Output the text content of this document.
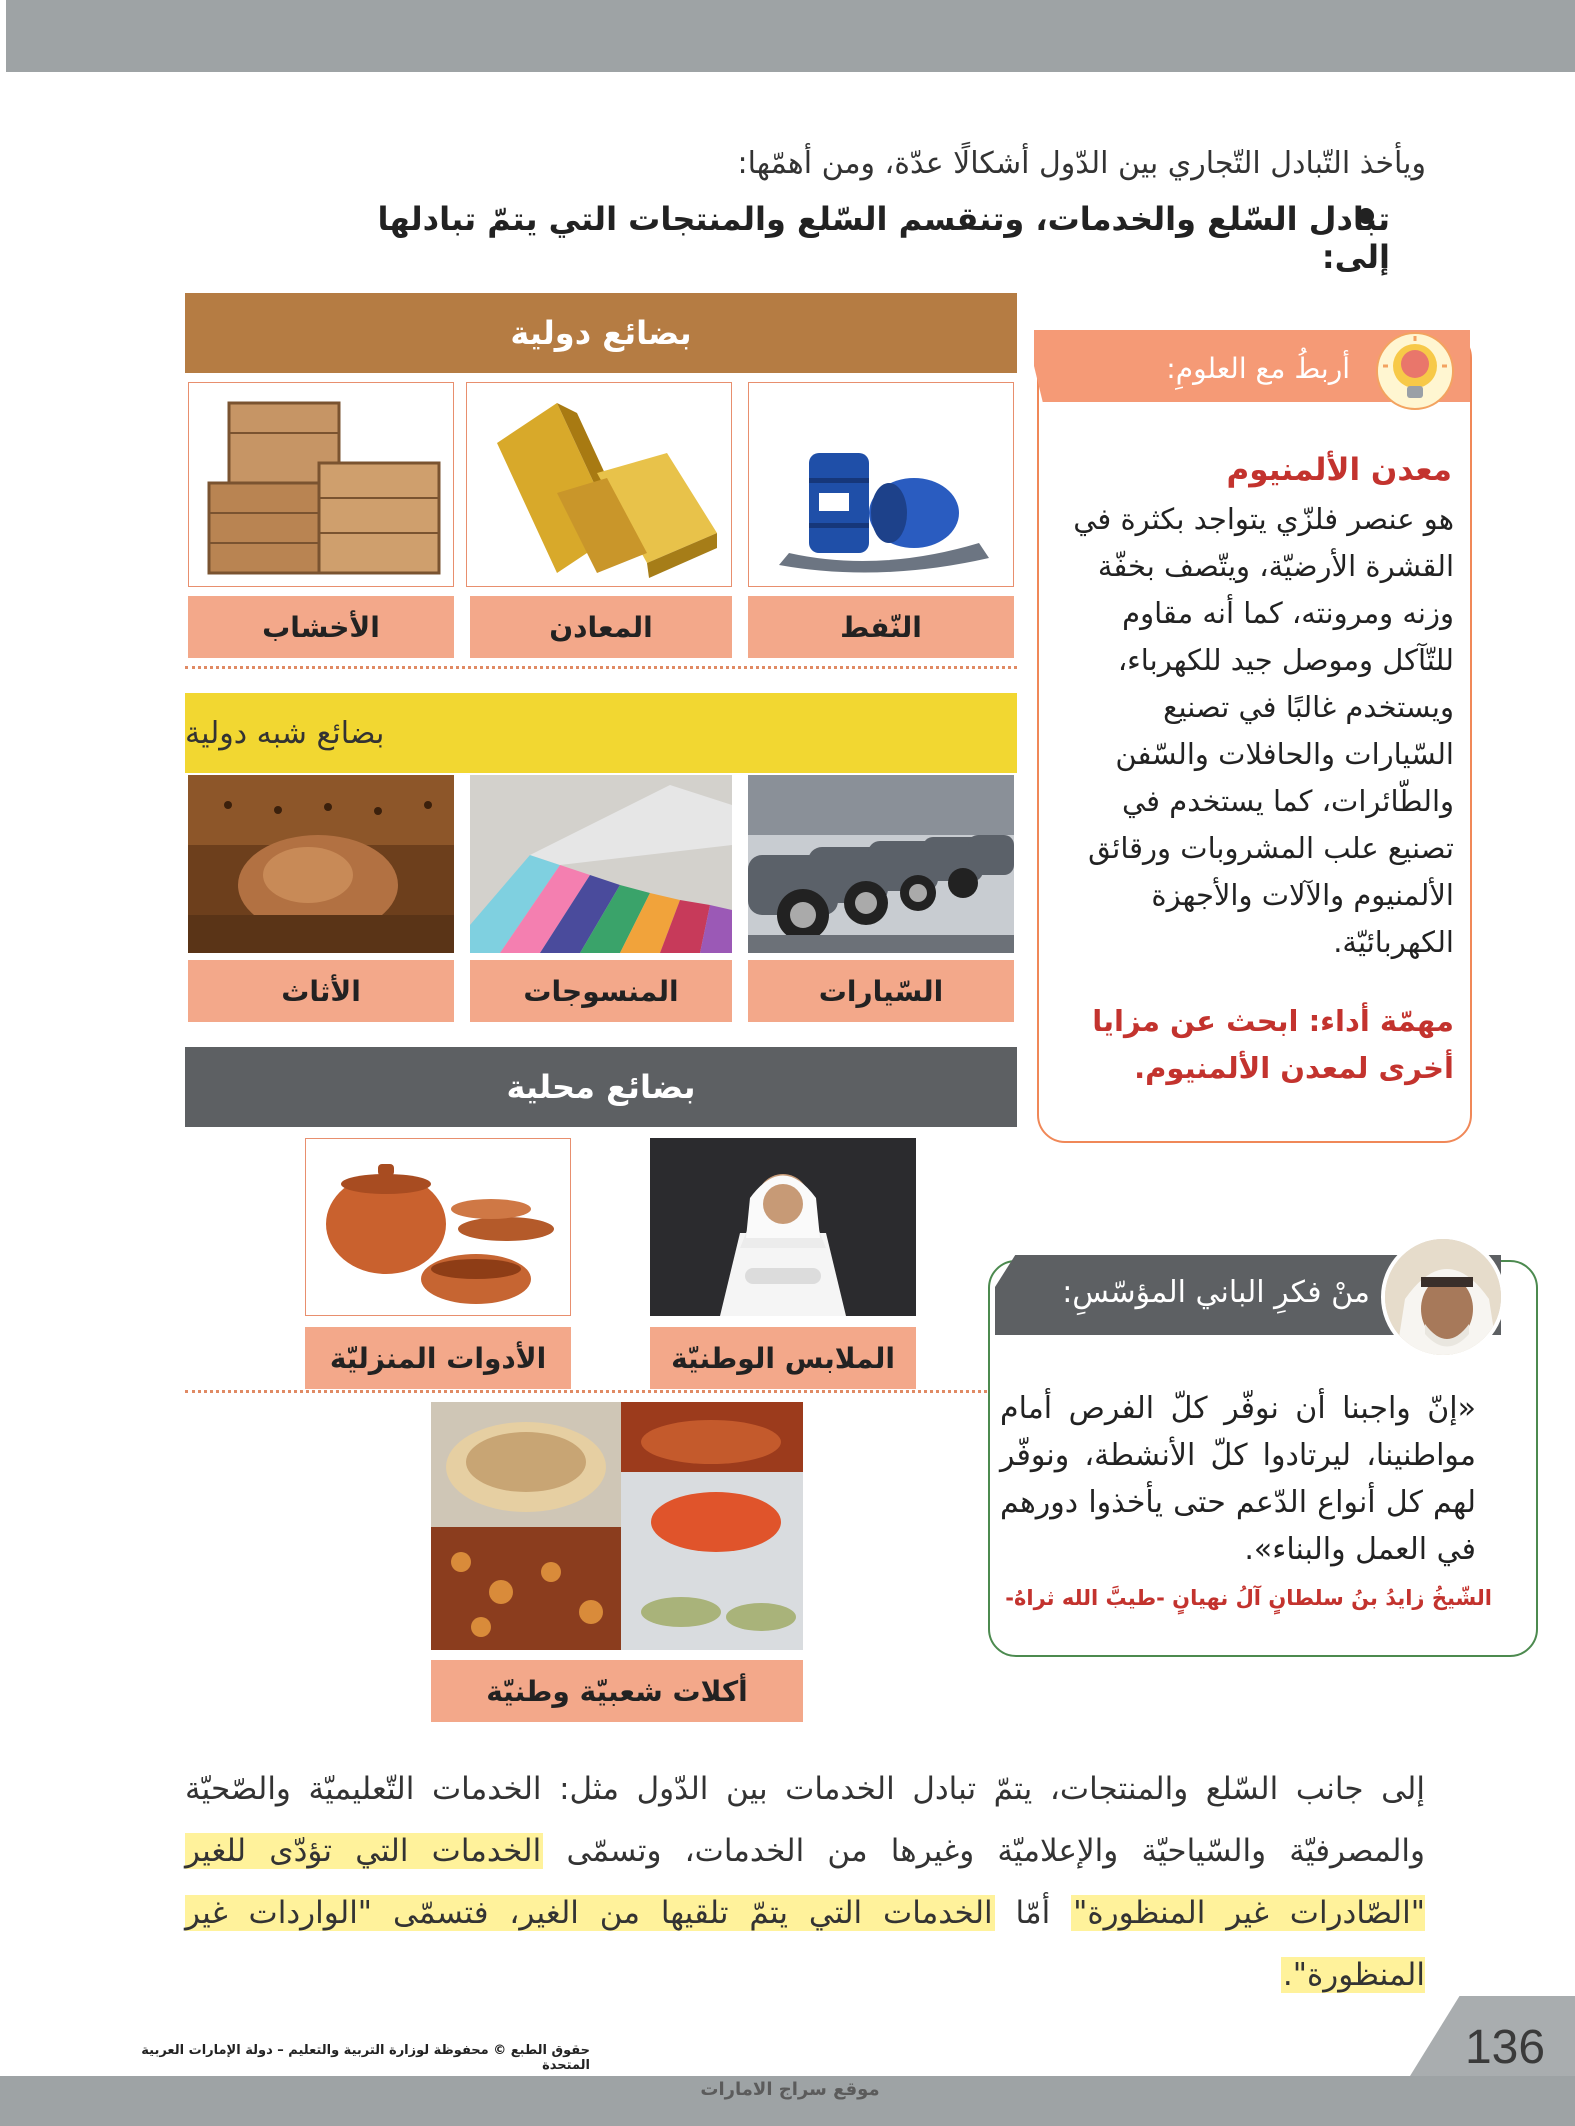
موقع سراج الامارات
136
حقوق الطبع © محفوظة لوزارة التربية والتعليم – دولة الإمارات العربية المتحدة
ويأخذ التّبادل التّجاري بين الدّول أشكالًا عدّة، ومن أهمّها:
تبادل السّلع والخدمات، وتنقسم السّلع والمنتجات التي يتمّ تبادلها إلى:
بضائع دولية
النّفط
المعادن
الأخشاب
بضائع شبه دولية
السّيارات
المنسوجات
الأثاث
بضائع محلية
الملابس الوطنيّة
الأدوات المنزليّة
أكلات شعبيّة وطنيّة
أربطُ مع العلومِ:
معدن الألمنيوم
هو عنصر فلزّي يتواجد بكثرة في القشرة الأرضيّة، ويتّصف بخفّة وزنه ومرونته، كما أنه مقاوم للتّآكل وموصل جيد للكهرباء، ويستخدم غالبًا في تصنيع السّيارات والحافلات والسّفن والطّائرات، كما يستخدم في تصنيع علب المشروبات ورقائق الألمنيوم والآلات والأجهزة الكهربائيّة.
مهمّة أداء: ابحث عن مزايا أخرى لمعدن الألمنيوم.
منْ فكرِ الباني المؤسّسِ:
«إنّ واجبنا أن نوفّر كلّ الفرص أمام مواطنينا، ليرتادوا كلّ الأنشطة، ونوفّر لهم كل أنواع الدّعم حتى يأخذوا دورهم في العمل والبناء».
الشّيخُ زايدُ بنُ سلطانٍ آلُ نهيانٍ -طيبَّ الله ثراهُ-
إلى جانب السّلع والمنتجات، يتمّ تبادل الخدمات بين الدّول مثل: الخدمات التّعليميّة والصّحيّة والمصرفيّة والسّياحيّة والإعلاميّة وغيرها من الخدمات، وتسمّى الخدمات التي تؤدّى للغير "الصّادرات غير المنظورة" أمّا الخدمات التي يتمّ تلقيها من الغير، فتسمّى "الواردات غير المنظورة".
